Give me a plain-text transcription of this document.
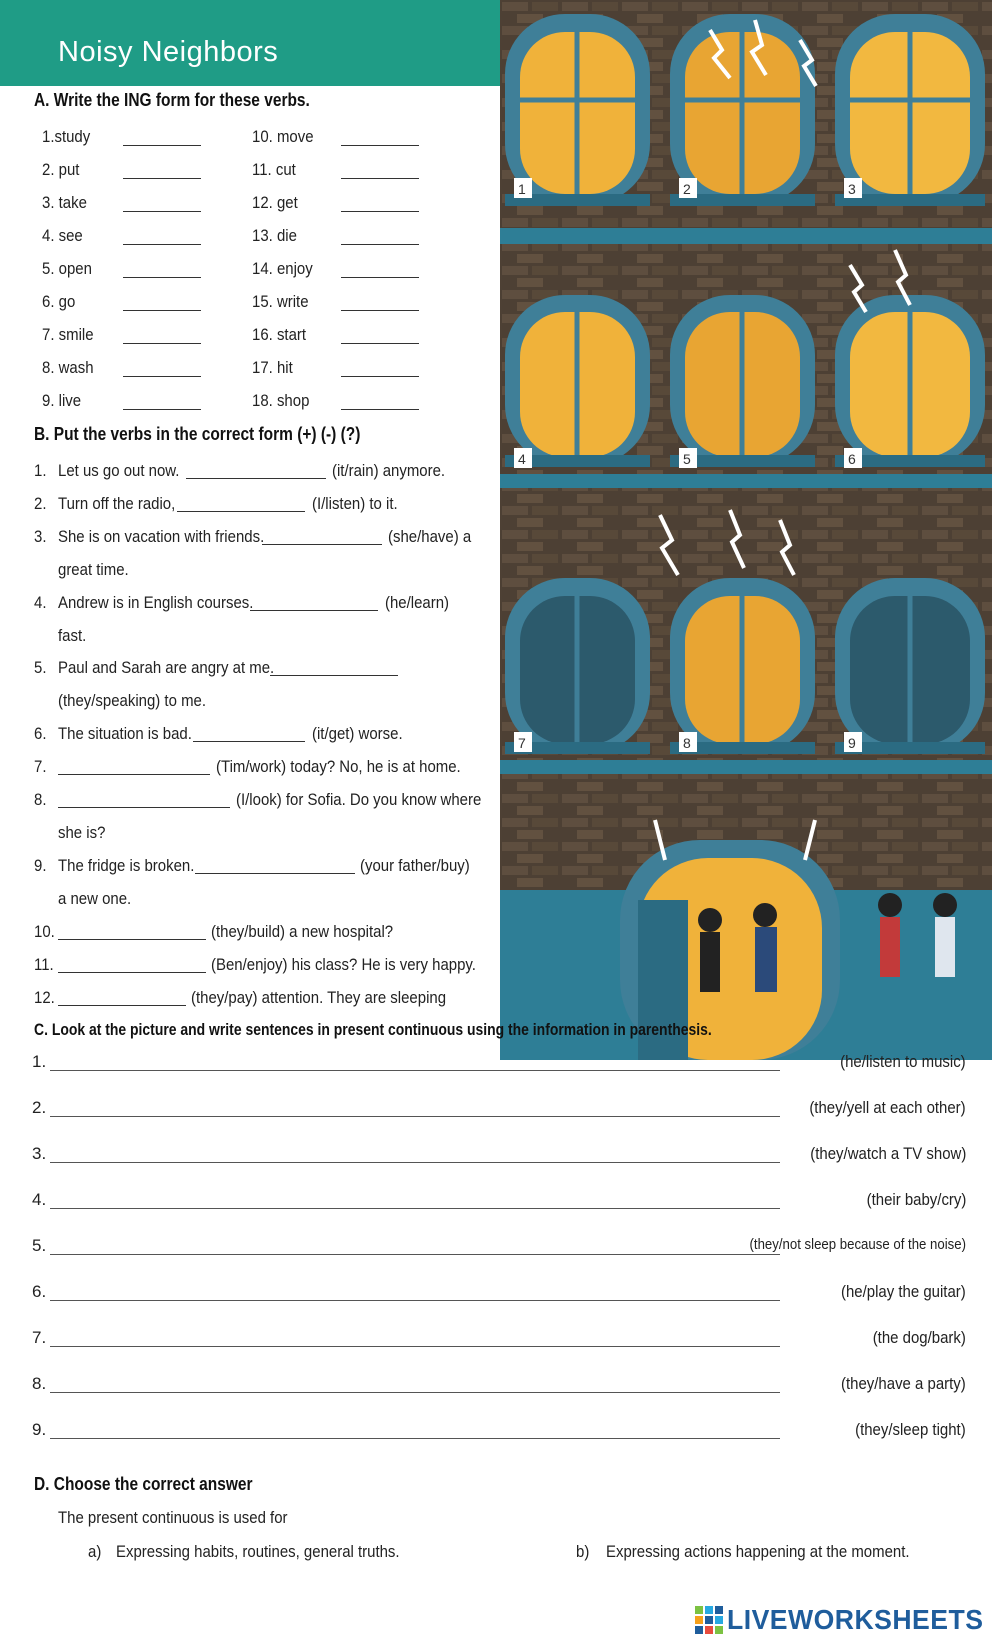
Noisy Neighbors
A. Write the ING form for these verbs.
1.study
2. put
3. take
4. see
5. open
6. go
7. smile
8. wash
9. live
10. move
11. cut
12. get
13. die
14. enjoy
15. write
16. start
17. hit
18. shop
B. Put the verbs in the correct form (+) (-) (?)
1. Let us go out now.	(it/rain) anymore.
2. Turn off the radio,	(I/listen) to it.
3. She is on vacation with friends.	(she/have) a
great time.
4. Andrew is in English courses.	(he/learn)
fast.
5. Paul and Sarah are angry at me.
(they/speaking) to me.
6. The situation is bad.	(it/get) worse.
7.	(Tim/work) today? No, he is at home.
8.	(I/look) for Sofia. Do you know where
she is?
9. The fridge is broken.	(your father/buy)
a new one.
10.	(they/build) a new hospital?
11.	(Ben/enjoy) his class? He is very happy.
12.	(they/pay) attention. They are sleeping
1	2	3
4	5	6
7	8	9
C. Look at the picture and write sentences in present continuous using the information in parenthesis.
1.	(he/listen to music)
2.	(they/yell at each other)
3.	(they/watch a TV show)
4.	(their baby/cry)
5.	(they/not sleep because of the noise)
6.	(he/play the guitar)
7.	(the dog/bark)
8.	(they/have a party)
9.	(they/sleep tight)
D. Choose the correct answer
The present continuous is used for
a) Expressing habits, routines, general truths.	b) Expressing actions happening at the moment.
LIVEWORKSHEETS
